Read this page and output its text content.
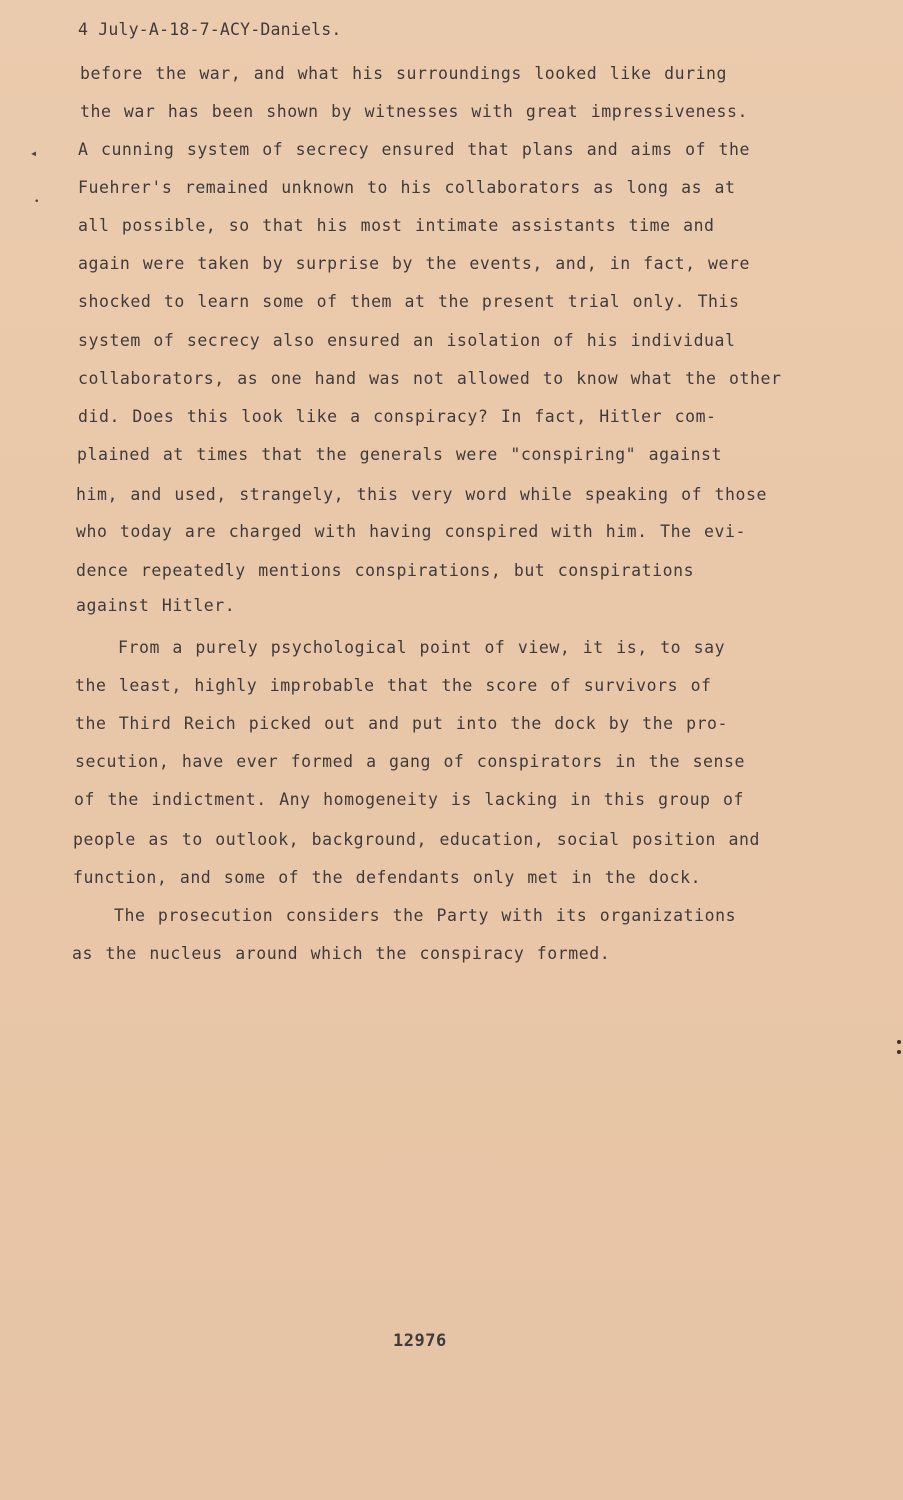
◂
•
4 July-A-18-7-ACY-Daniels.
before the war, and what his surroundings looked like during
the war has been shown by witnesses with great impressiveness.
A cunning system of secrecy ensured that plans and aims of the
Fuehrer's remained unknown to his collaborators as long as at
all possible, so that his most intimate assistants time and
again were taken by surprise by the events, and, in fact, were
shocked to learn some of them at the present trial only. This
system of secrecy also ensured an isolation of his individual
collaborators, as one hand was not allowed to know what the other
did. Does this look like a conspiracy? In fact, Hitler com-
plained at times that the generals were "conspiring" against
him, and used, strangely, this very word while speaking of those
who today are charged with having conspired with him. The evi-
dence repeatedly mentions conspirations, but conspirations
against Hitler.
From a purely psychological point of view, it is, to say
the least, highly improbable that the score of survivors of
the Third Reich picked out and put into the dock by the pro-
secution, have ever formed a gang of conspirators in the sense
of the indictment. Any homogeneity is lacking in this group of
people as to outlook, background, education, social position and
function, and some of the defendants only met in the dock.
The prosecution considers the Party with its organizations
as the nucleus around which the conspiracy formed.
12976
